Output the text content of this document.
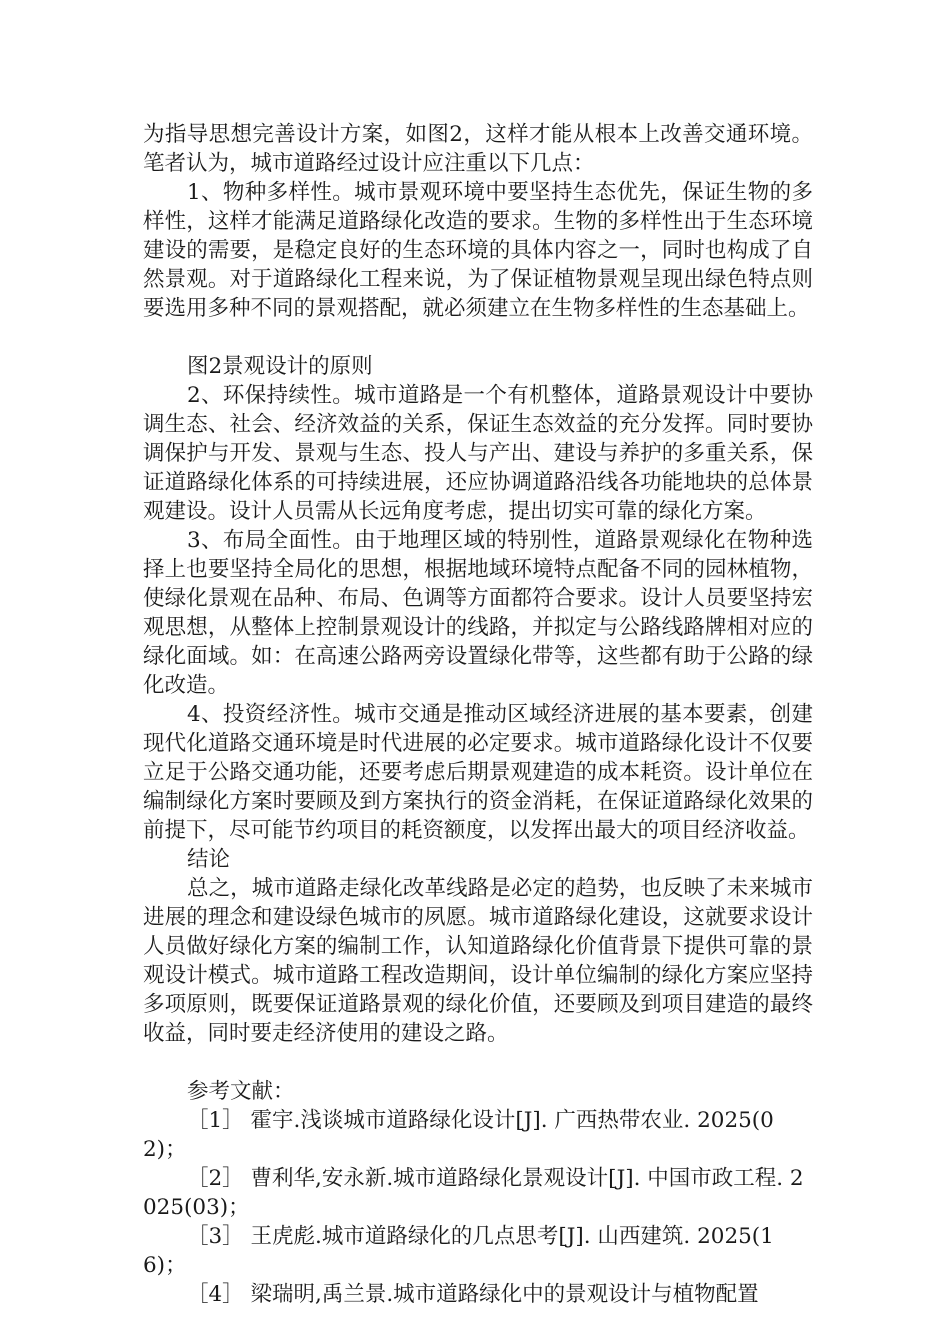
为指导思想完善设计方案，如图2，这样才能从根本上改善交通环境。笔者认为，城市道路经过设计应注重以下几点：

1、物种多样性。城市景观环境中要坚持生态优先，保证生物的多样性，这样才能满足道路绿化改造的要求。生物的多样性出于生态环境建设的需要，是稳定良好的生态环境的具体内容之一，同时也构成了自然景观。对于道路绿化工程来说，为了保证植物景观呈现出绿色特点则要选用多种不同的景观搭配，就必须建立在生物多样性的生态基础上。

图2景观设计的原则

2、环保持续性。城市道路是一个有机整体，道路景观设计中要协调生态、社会、经济效益的关系，保证生态效益的充分发挥。同时要协调保护与开发、景观与生态、投人与产出、建设与养护的多重关系，保证道路绿化体系的可持续进展，还应协调道路沿线各功能地块的总体景观建设。设计人员需从长远角度考虑，提出切实可靠的绿化方案。

3、布局全面性。由于地理区域的特别性，道路景观绿化在物种选择上也要坚持全局化的思想，根据地域环境特点配备不同的园林植物，使绿化景观在品种、布局、色调等方面都符合要求。设计人员要坚持宏观思想，从整体上控制景观设计的线路，并拟定与公路线路牌相对应的绿化面域。如：在高速公路两旁设置绿化带等，这些都有助于公路的绿化改造。

4、投资经济性。城市交通是推动区域经济进展的基本要素，创建现代化道路交通环境是时代进展的必定要求。城市道路绿化设计不仅要立足于公路交通功能，还要考虑后期景观建造的成本耗资。设计单位在编制绿化方案时要顾及到方案执行的资金消耗，在保证道路绿化效果的前提下，尽可能节约项目的耗资额度，以发挥出最大的项目经济收益。

结论

总之，城市道路走绿化改革线路是必定的趋势，也反映了未来城市进展的理念和建设绿色城市的夙愿。城市道路绿化建设，这就要求设计人员做好绿化方案的编制工作，认知道路绿化价值背景下提供可靠的景观设计模式。城市道路工程改造期间，设计单位编制的绿化方案应坚持多项原则，既要保证道路景观的绿化价值，还要顾及到项目建造的最终收益，同时要走经济使用的建设之路。

参考文献：

［1］ 霍宇.浅谈城市道路绿化设计[J]. 广西热带农业. 2025(02)；

［2］ 曹利华,安永新.城市道路绿化景观设计[J]. 中国市政工程. 2025(03)；

［3］ 王虎彪.城市道路绿化的几点思考[J]. 山西建筑. 2025(16)；

［4］ 梁瑞明,禹兰景.城市道路绿化中的景观设计与植物配置
